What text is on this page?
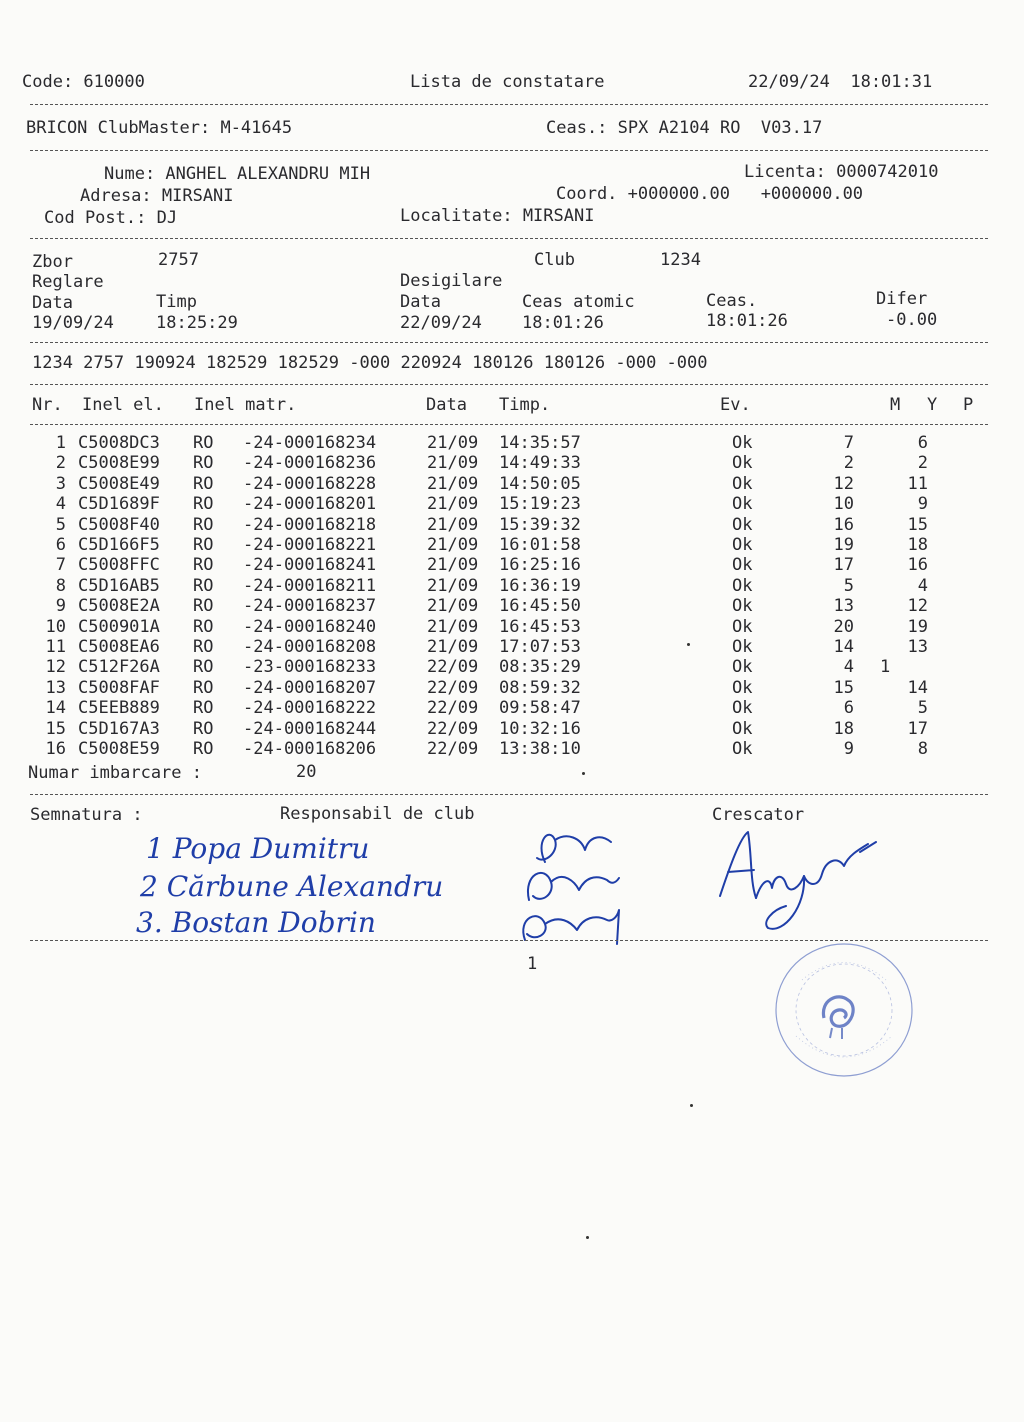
Code: 610000	Lista de constatare	22/09/24  18:01:31
BRICON ClubMaster: M-41645	Ceas.: SPX A2104 RO  V03.17
Nume: ANGHEL ALEXANDRU MIH	Licenta: 0000742010
Adresa: MIRSANI	Coord. +000000.00   +000000.00
Cod Post.: DJ	Localitate: MIRSANI
Zbor	2757	Club	1234
Reglare	Desigilare
Data	Timp	Data	Ceas atomic	Ceas.	Difer
19/09/24 18:25:29	22/09/24 18:01:26	18:01:26	-0.00
1234 2757 190924 182529 182529 -000 220924 180126 180126 -000 -000
Nr. Inel el. Inel matr.	Data Timp.	Ev.	M Y P
1 C5008DC3 RO -24-000168234	21/09 14:35:57	Ok	7	6
2 C5008E99 RO -24-000168236	21/09 14:49:33	Ok	2	2
3 C5008E49 RO -24-000168228	21/09 14:50:05	Ok	12	11
4 C5D1689F RO -24-000168201	21/09 15:19:23	Ok	10	9
5 C5008F40 RO -24-000168218	21/09 15:39:32	Ok	16	15
6 C5D166F5 RO -24-000168221	21/09 16:01:58	Ok	19	18
7 C5008FFC RO -24-000168241	21/09 16:25:16	Ok	17	16
8 C5D16AB5 RO -24-000168211	21/09 16:36:19	Ok	5	4
9 C5008E2A RO -24-000168237	21/09 16:45:50	Ok	13	12
10 C500901A RO -24-000168240	21/09 16:45:53	Ok	20	19
11 C5008EA6 RO -24-000168208	21/09 17:07:53	Ok	14	13
12 C512F26A RO -23-000168233	22/09 08:35:29	Ok	4 1
13 C5008FAF RO -24-000168207	22/09 08:59:32	Ok	15	14
14 C5EEB889 RO -24-000168222	22/09 09:58:47	Ok	6	5
15 C5D167A3 RO -24-000168244	22/09 10:32:16	Ok	18	17
16 C5008E59 RO -24-000168206	22/09 13:38:10	Ok	9	8
Numar imbarcare :	20
Semnatura :	Responsabil de club	Crescator
1 Popa Dumitru
2 Cărbune Alexandru
3. Bostan Dobrin
1
